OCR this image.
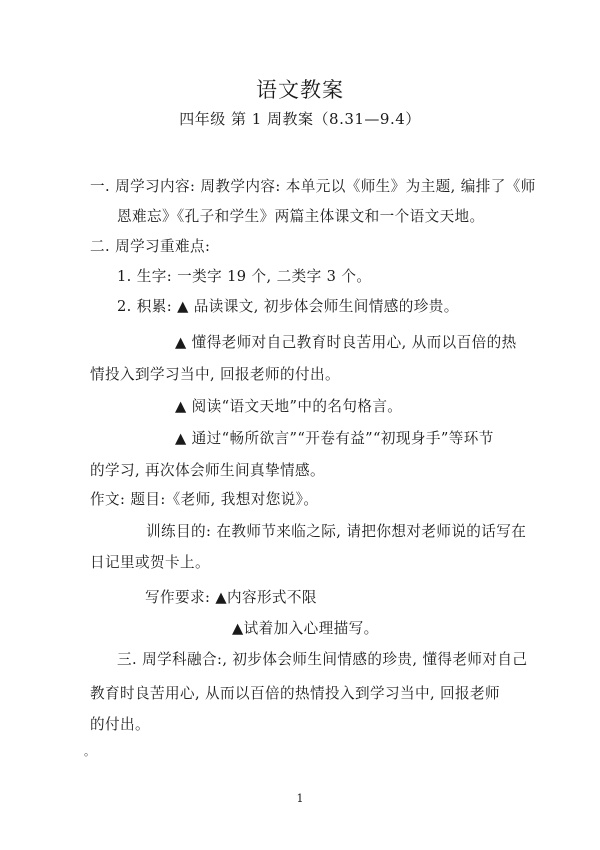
语文教案
四年级 第 1 周教案（8.31—9.4）
一. 周学习内容: 周教学内容: 本单元以《师生》为主题, 编排了《师
恩难忘》《孔子和学生》两篇主体课文和一个语文天地。
二. 周学习重难点:
1. 生字: 一类字 19 个, 二类字 3 个。
2. 积累: ▲ 品读课文, 初步体会师生间情感的珍贵。
▲ 懂得老师对自己教育时良苦用心, 从而以百倍的热
情投入到学习当中, 回报老师的付出。
▲ 阅读“语文天地”中的名句格言。
▲ 通过“畅所欲言”“开卷有益”“初现身手”等环节
的学习, 再次体会师生间真挚情感。
作文: 题目:《老师, 我想对您说》。
训练目的: 在教师节来临之际, 请把你想对老师说的话写在
日记里或贺卡上。
写作要求: ▲内容形式不限
▲试着加入心理描写。
三. 周学科融合:, 初步体会师生间情感的珍贵, 懂得老师对自己
教育时良苦用心, 从而以百倍的热情投入到学习当中, 回报老师
的付出。
。
1
